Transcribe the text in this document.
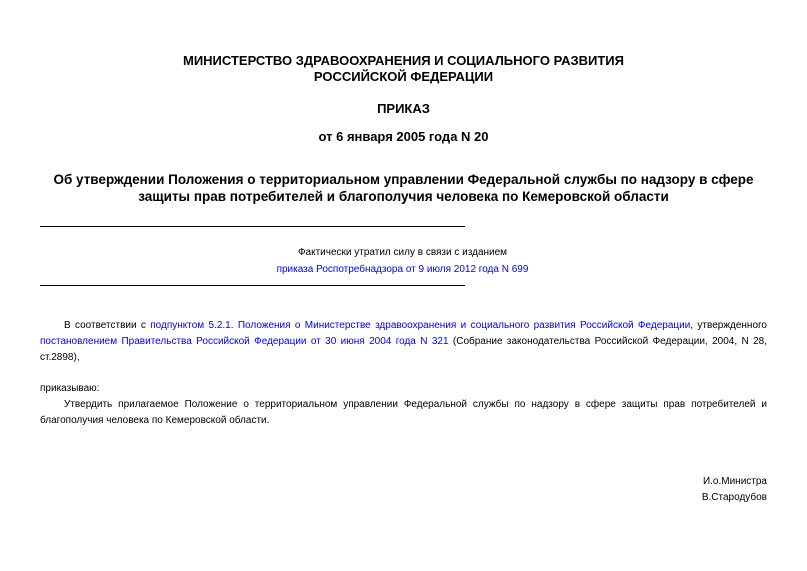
МИНИСТЕРСТВО ЗДРАВООХРАНЕНИЯ И СОЦИАЛЬНОГО РАЗВИТИЯ
РОССИЙСКОЙ ФЕДЕРАЦИИ
ПРИКАЗ
от 6 января 2005 года N 20
Об утверждении Положения о территориальном управлении Федеральной службы по надзору в сфере
защиты прав потребителей и благополучия человека по Кемеровской области
Фактически утратил силу в связи с изданием
приказа Роспотребнадзора от 9 июля 2012 года N 699
В соответствии с подпунктом 5.2.1. Положения о Министерстве здравоохранения и социального развития Российской Федерации, утвержденного постановлением Правительства Российской Федерации от 30 июня 2004 года N 321 (Собрание законодательства Российской Федерации, 2004, N 28, ст.2898),
приказываю:
Утвердить прилагаемое Положение о территориальном управлении Федеральной службы по надзору в сфере защиты прав потребителей и благополучия человека по Кемеровской области.
И.о.Министра
В.Стародубов
